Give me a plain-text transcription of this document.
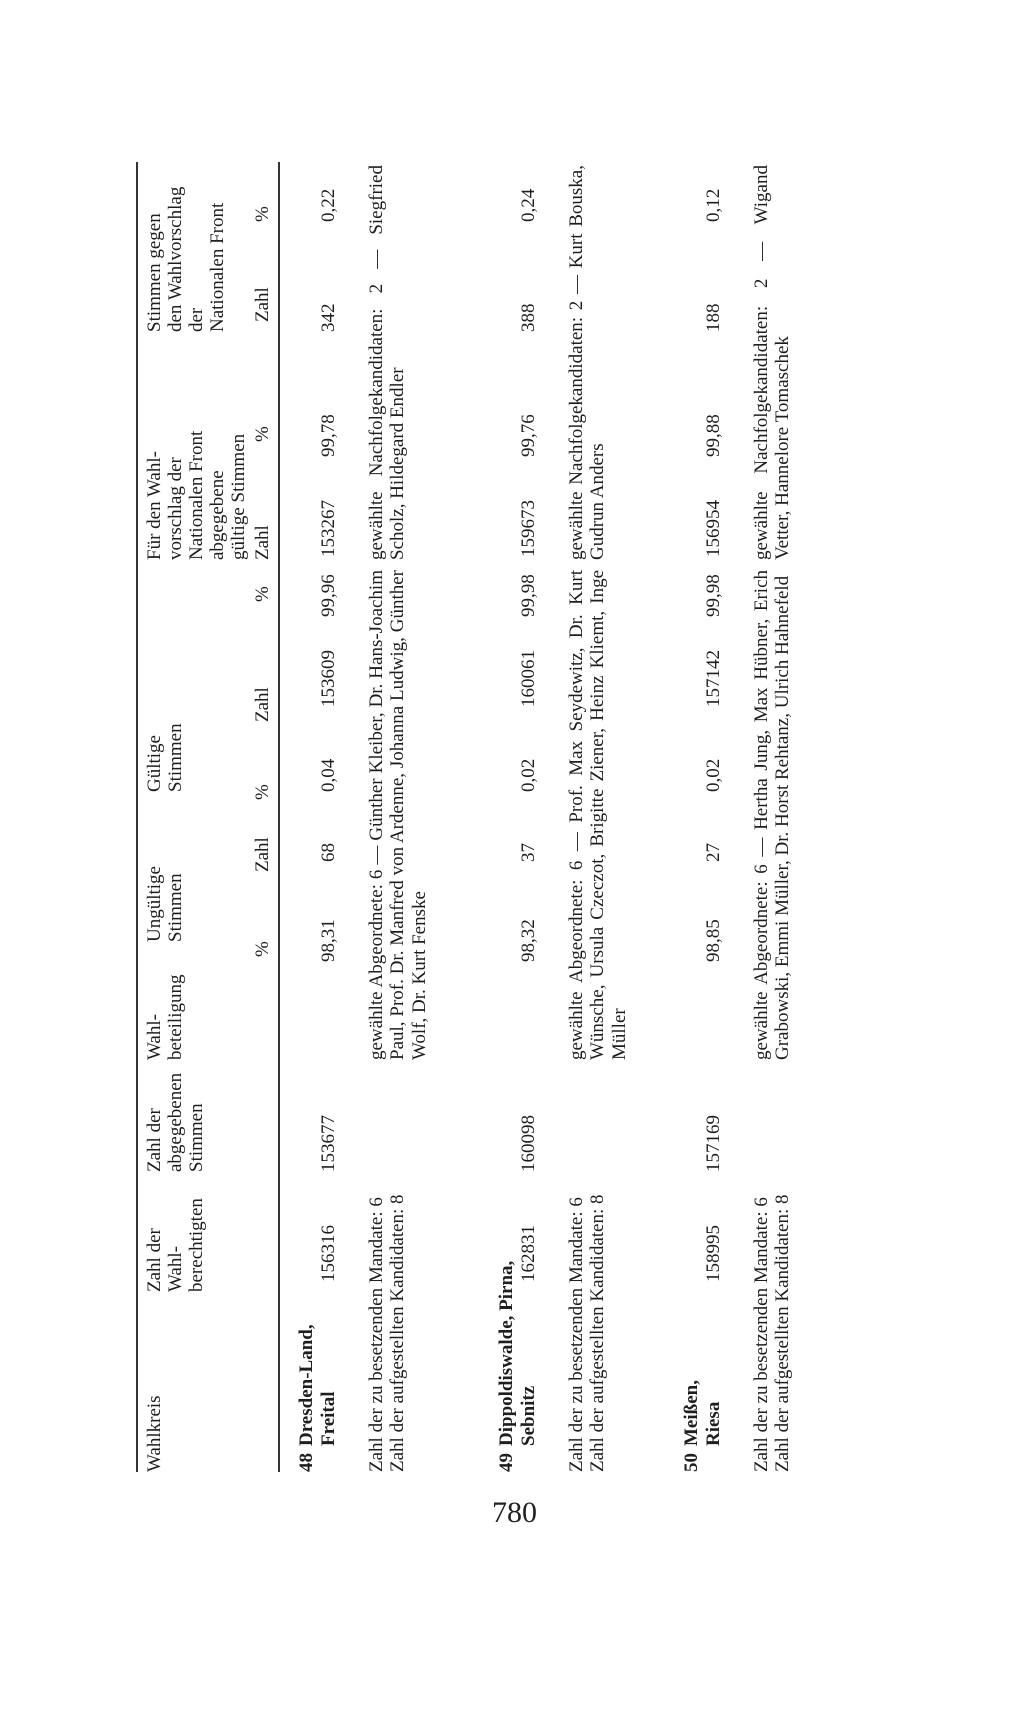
Wahlkreis
Zahl der Wahl- berechtigten
Zahl der abgegebenen Stimmen
Wahl- beteiligung
Ungültige Stimmen
Gültige Stimmen
Für den Wahl- vorschlag der Nationalen Front abgegebene gültige Stimmen
Stimmen gegen den Wahlvorschlag der Nationalen Front
%
Zahl
%
Zahl
%
Zahl
%
Zahl
%
48
Dresden-Land, Freital
156316
153677
98,31
68
0,04
153609
99,96
153267
99,78
342
0,22
Zahl der zu besetzenden Mandate: 6 Zahl der aufgestellten Kandidaten: 8
gewählte Abgeordnete: 6 — Günther Kleiber, Dr. Hans-Joachim Paul, Prof. Dr. Manfred von Ardenne, Johanna Ludwig, Günther Wolf, Dr. Kurt Fenske
gewählte Nachfolgekandidaten: 2 — Siegfried Scholz, Hildegard Endler
49
Dippoldiswalde, Pirna, Sebnitz
162831
160098
98,32
37
0,02
160061
99,98
159673
99,76
388
0,24
Zahl der zu besetzenden Mandate: 6 Zahl der aufgestellten Kandidaten: 8
gewählte Abgeordnete: 6 — Prof. Max Seydewitz, Dr. Kurt Wünsche, Ursula Czeczot, Brigitte Ziener, Heinz Kliemt, Inge Müller
gewählte Nachfolgekandidaten: 2 — Kurt Bouska, Gudrun Anders
50
Meißen, Riesa
158995
157169
98,85
27
0,02
157142
99,98
156954
99,88
188
0,12
Zahl der zu besetzenden Mandate: 6 Zahl der aufgestellten Kandidaten: 8
gewählte Abgeordnete: 6 — Hertha Jung, Max Hübner, Erich Grabowski, Emmi Müller, Dr. Horst Rehtanz, Ulrich Hahnefeld
gewählte Nachfolgekandidaten: 2 — Wigand Vetter, Hannelore Tomaschek
780
